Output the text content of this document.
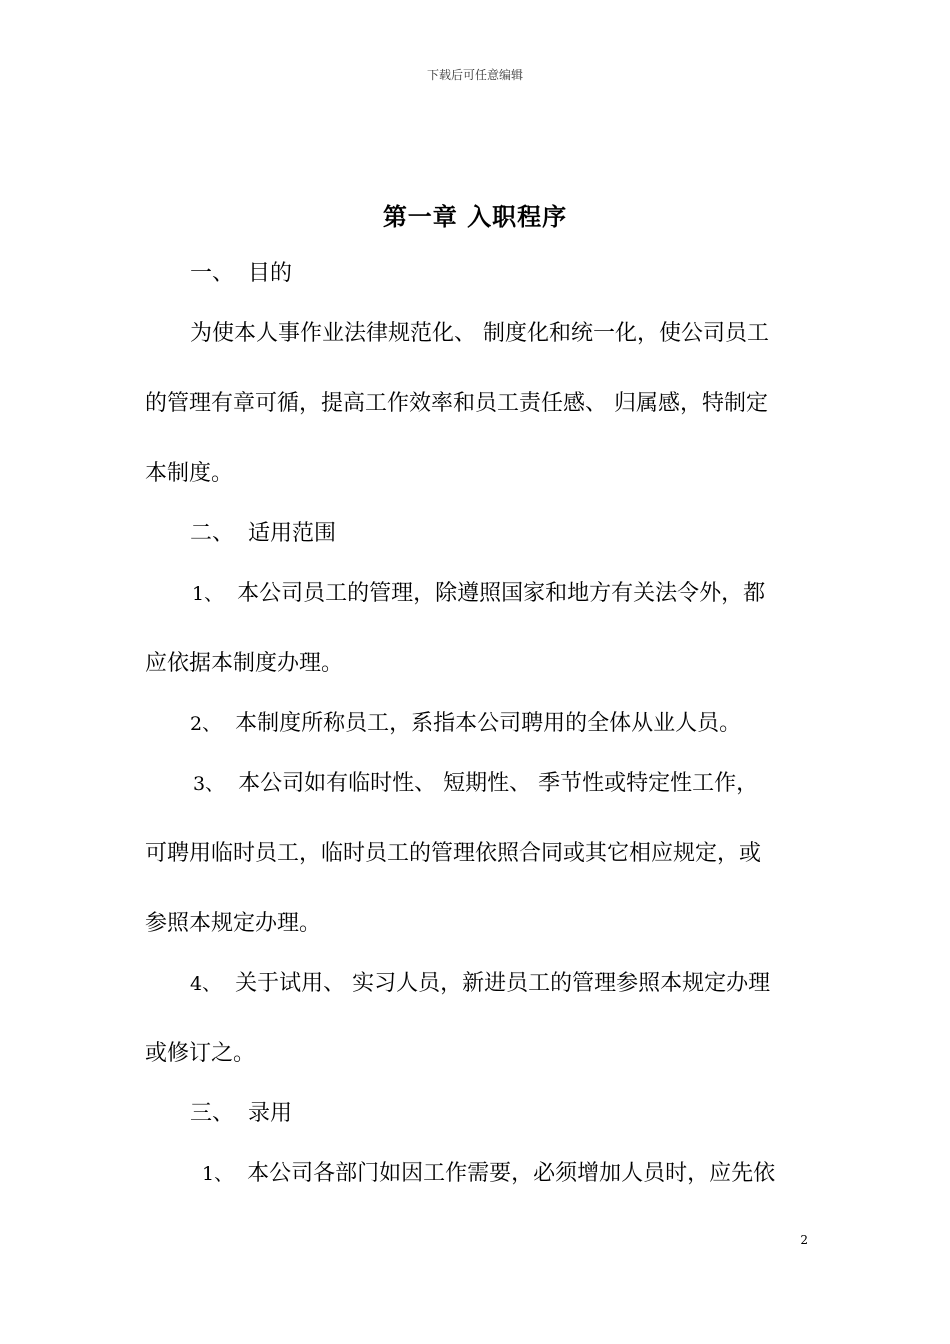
下载后可任意编辑
第一章 入职程序
一、 目的
为使本人事作业法律规范化、 制度化和统一化，使公司员工
的管理有章可循，提高工作效率和员工责任感、 归属感，特制定
本制度。
二、 适用范围
1、 本公司员工的管理，除遵照国家和地方有关法令外，都
应依据本制度办理。
2、 本制度所称员工，系指本公司聘用的全体从业人员。
3、 本公司如有临时性、 短期性、 季节性或特定性工作，
可聘用临时员工，临时员工的管理依照合同或其它相应规定，或
参照本规定办理。
4、 关于试用、 实习人员，新进员工的管理参照本规定办理
或修订之。
三、 录用
1、 本公司各部门如因工作需要，必须增加人员时，应先依
2
